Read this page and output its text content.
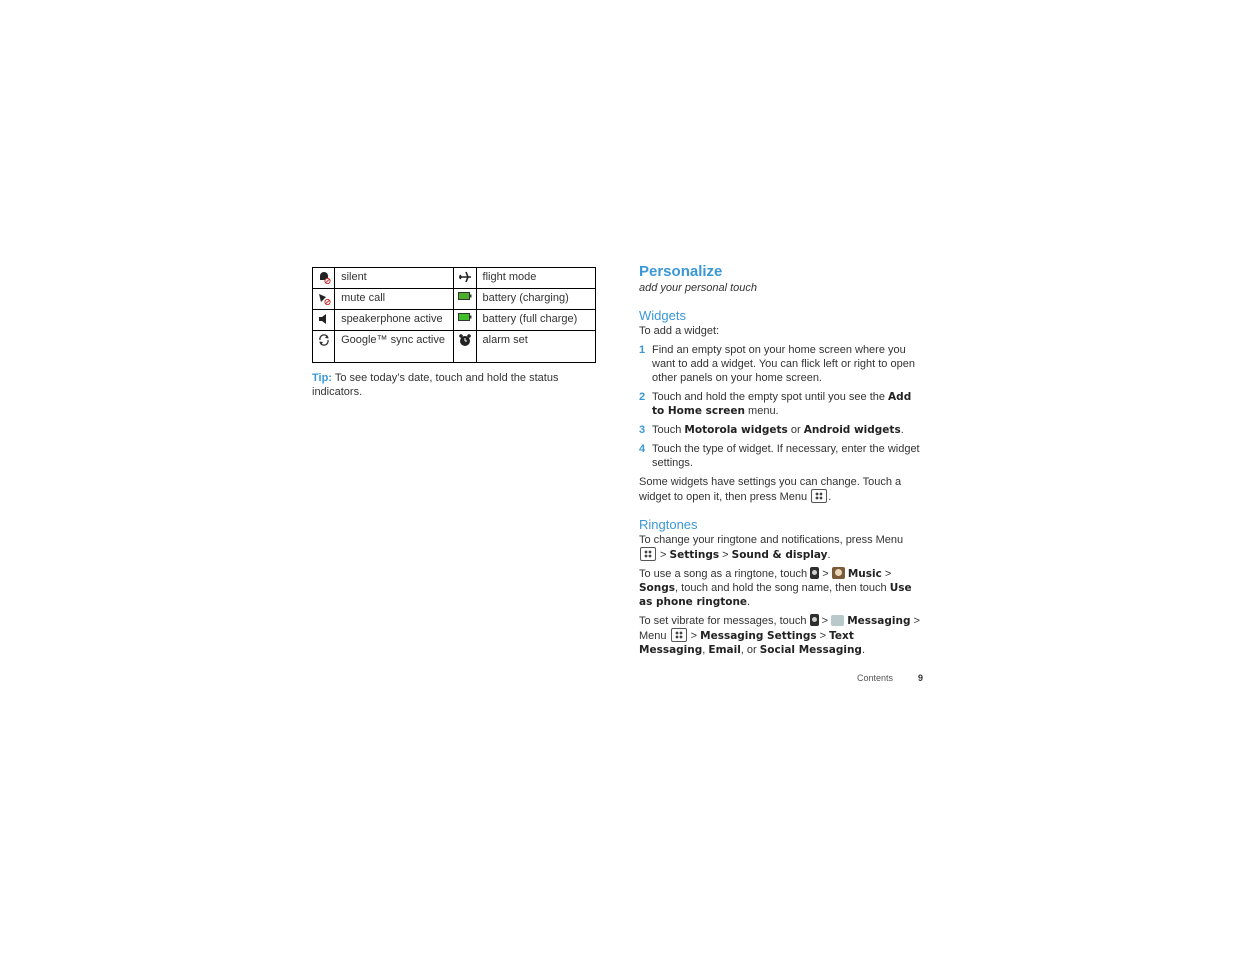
	silent		flight mode
	mute call		battery (charging)
	speakerphone active		battery (full charge)
	Google™ sync active		alarm set
Tip: To see today’s date, touch and hold the status indicators.
Personalize
add your personal touch
Widgets

To add a widget:

1 Find an empty spot on your home screen where you want to add a widget. You can flick left or right to open other panels on your home screen.
2 Touch and hold the empty spot until you see the Add to Home screen menu.
3 Touch Motorola widgets or Android widgets.
4 Touch the type of widget. If necessary, enter the widget settings.

Some widgets have settings you can change. Touch a widget to open it, then press Menu .

Ringtones

To change your ringtone and notifications, press Menu  > Settings > Sound & display.

To use a song as a ringtone, touch  >  Music > Songs, touch and hold the song name, then touch Use as phone ringtone.

To set vibrate for messages, touch  >  Messaging > Menu  > Messaging Settings > Text Messaging, Email, or Social Messaging.

Contents	9
